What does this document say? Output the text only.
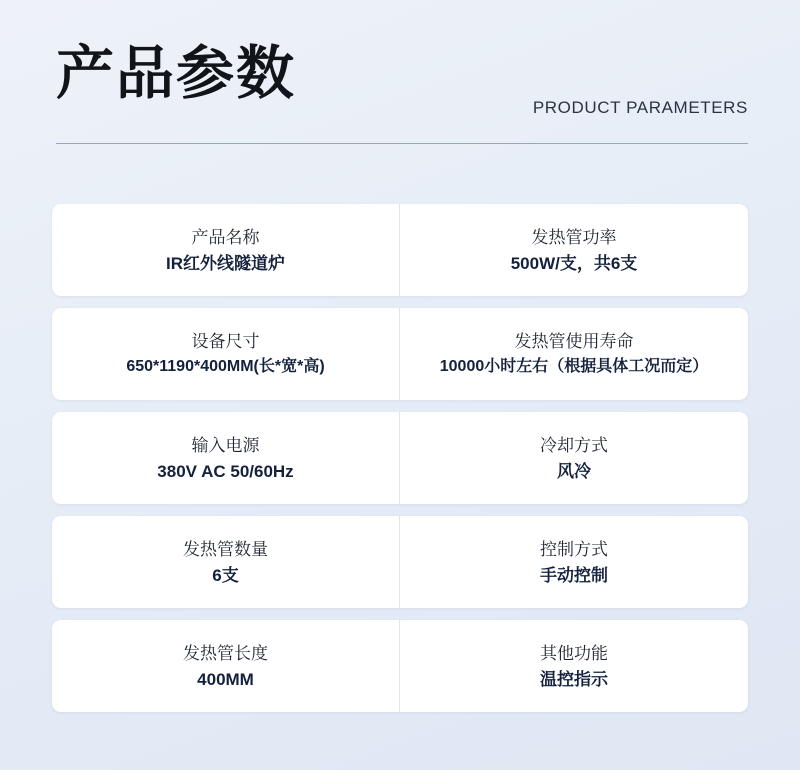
产品参数
PRODUCT PARAMETERS
产品名称
IR红外线隧道炉
发热管功率
500W/支，共6支
设备尺寸
650*1190*400MM(长*宽*高)
发热管使用寿命
10000小时左右（根据具体工况而定）
输入电源
380V AC 50/60Hz
冷却方式
风冷
发热管数量
6支
控制方式
手动控制
发热管长度
400MM
其他功能
温控指示
